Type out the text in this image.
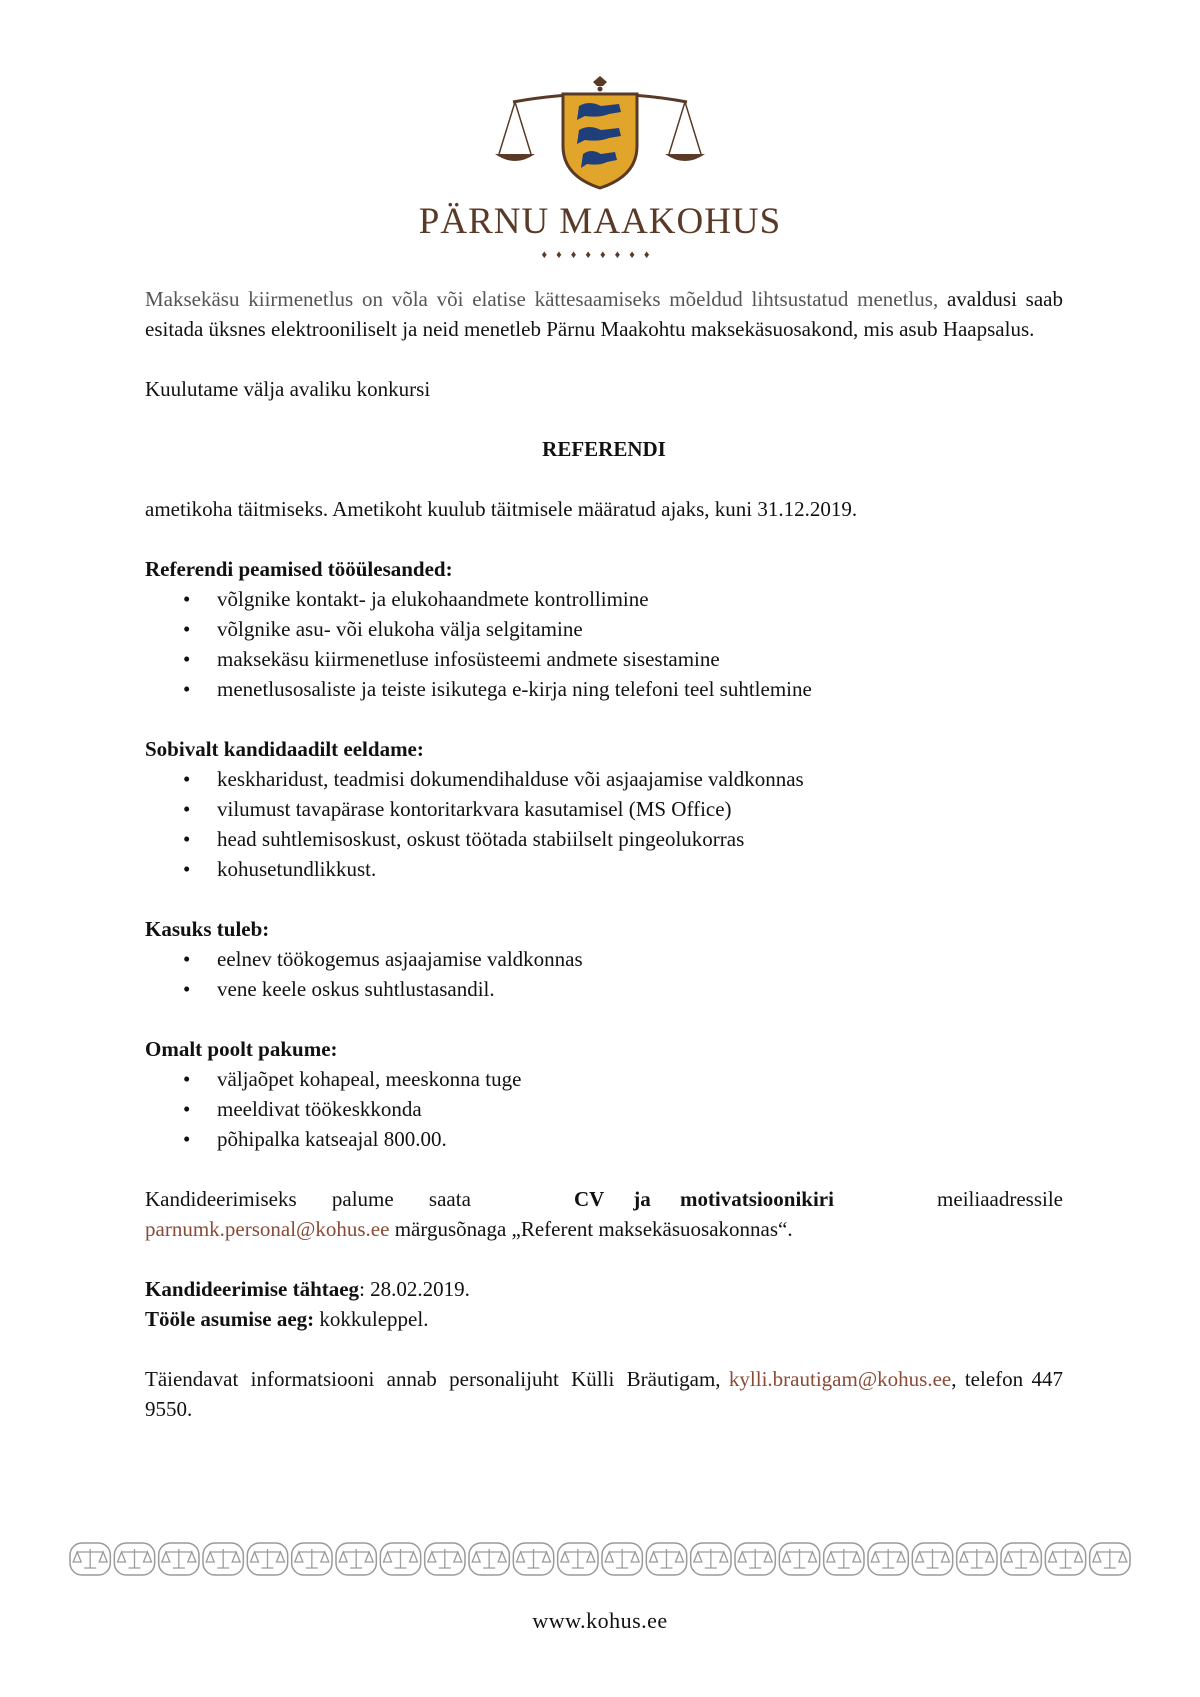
PÄRNU MAAKOHUS
♦♦♦♦♦♦♦♦

Maksekäsu kiirmenetlus on võla või elatise kättesaamiseks mõeldud lihtsustatud menetlus, avaldusi saab esitada üksnes elektrooniliselt ja neid menetleb Pärnu Maakohtu maksekäsuosakond, mis asub Haapsalus.

Kuulutame välja avaliku konkursi

REFERENDI

ametikoha täitmiseks. Ametikoht kuulub täitmisele määratud ajaks, kuni 31.12.2019.

Referendi peamised tööülesanded:

• võlgnike kontakt- ja elukohaandmete kontrollimine
• võlgnike asu- või elukoha välja selgitamine
• maksekäsu kiirmenetluse infosüsteemi andmete sisestamine
• menetlusosaliste ja teiste isikutega e-kirja ning telefoni teel suhtlemine

Sobivalt kandidaadilt eeldame:

• keskharidust, teadmisi dokumendihalduse või asjaajamise valdkonnas
• vilumust tavapärase kontoritarkvara kasutamisel (MS Office)
• head suhtlemisoskust, oskust töötada stabiilselt pingeolukorras
• kohusetundlikkust.

Kasuks tuleb:

• eelnev töökogemus asjaajamise valdkonnas
• vene keele oskus suhtlustasandil.

Omalt poolt pakume:

• väljaõpet kohapeal, meeskonna tuge
• meeldivat töökeskkonda
• põhipalka katseajal 800.00.

Kandideerimiseks palume saata	CV ja motivatsioonikiri	meiliaadressile

parnumk.personal@kohus.ee märgusõnaga „Referent maksekäsuosakonnas“.

Kandideerimise tähtaeg: 28.02.2019.

Tööle asumise aeg: kokkuleppel.

Täiendavat informatsiooni annab personalijuht Külli Bräutigam, kylli.brautigam@kohus.ee, telefon 447 9550.

www.kohus.ee
